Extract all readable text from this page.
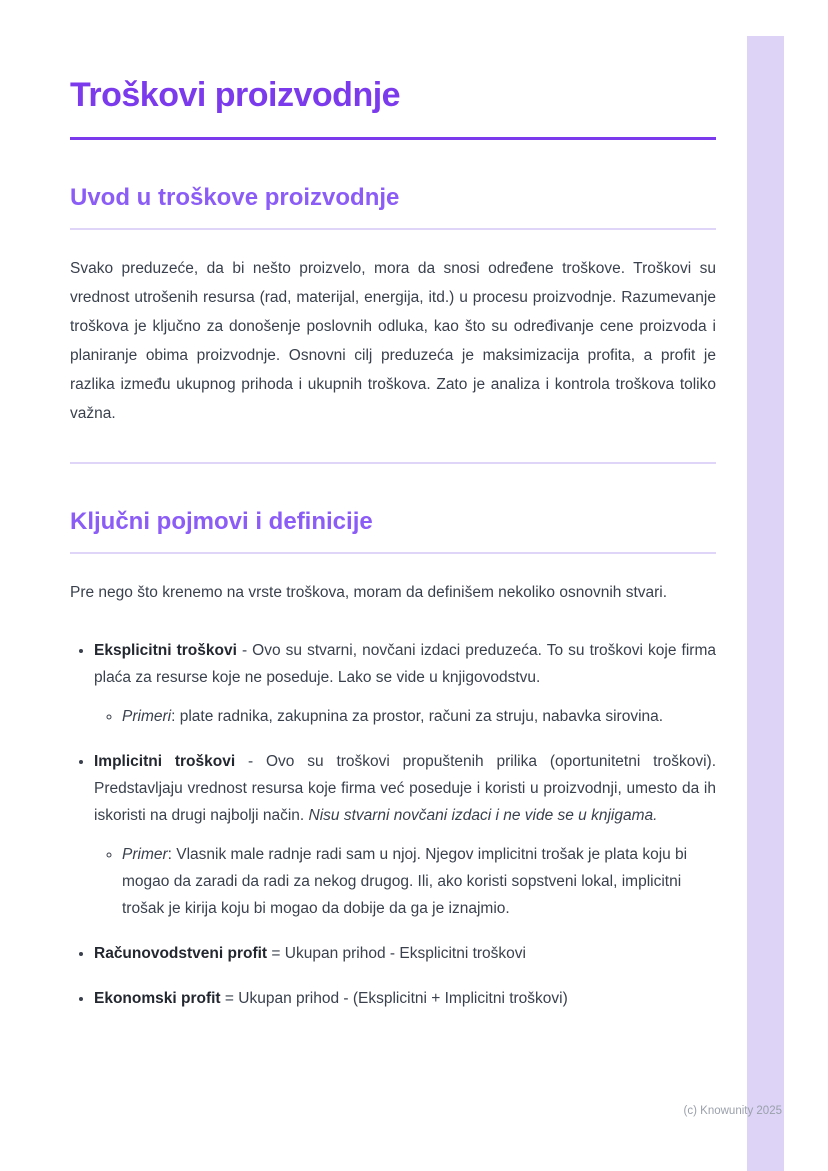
Troškovi proizvodnje
Uvod u troškove proizvodnje

Svako preduzeće, da bi nešto proizvelo, mora da snosi određene troškove. Troškovi su vrednost utrošenih resursa (rad, materijal, energija, itd.) u procesu proizvodnje. Razumevanje troškova je ključno za donošenje poslovnih odluka, kao što su određivanje cene proizvoda i planiranje obima proizvodnje. Osnovni cilj preduzeća je maksimizacija profita, a profit je razlika između ukupnog prihoda i ukupnih troškova. Zato je analiza i kontrola troškova toliko važna.

Ključni pojmovi i definicije

Pre nego što krenemo na vrste troškova, moram da definišem nekoliko osnovnih stvari.

• Eksplicitni troškovi - Ovo su stvarni, novčani izdaci preduzeća. To su troškovi koje firma plaća za resurse koje ne poseduje. Lako se vide u knjigovodstvu.
◦ Primeri: plate radnika, zakupnina za prostor, računi za struju, nabavka sirovina.
• Implicitni troškovi - Ovo su troškovi propuštenih prilika (oportunitetni troškovi). Predstavljaju vrednost resursa koje firma već poseduje i koristi u proizvodnji, umesto da ih iskoristi na drugi najbolji način. Nisu stvarni novčani izdaci i ne vide se u knjigama.
◦ Primer: Vlasnik male radnje radi sam u njoj. Njegov implicitni trošak je plata koju bi mogao da zaradi da radi za nekog drugog. Ili, ako koristi sopstveni lokal, implicitni trošak je kirija koju bi mogao da dobije da ga je iznajmio.
• Računovodstveni profit = Ukupan prihod - Eksplicitni troškovi
• Ekonomski profit = Ukupan prihod - (Eksplicitni + Implicitni troškovi)
(c) Knowunity 2025
